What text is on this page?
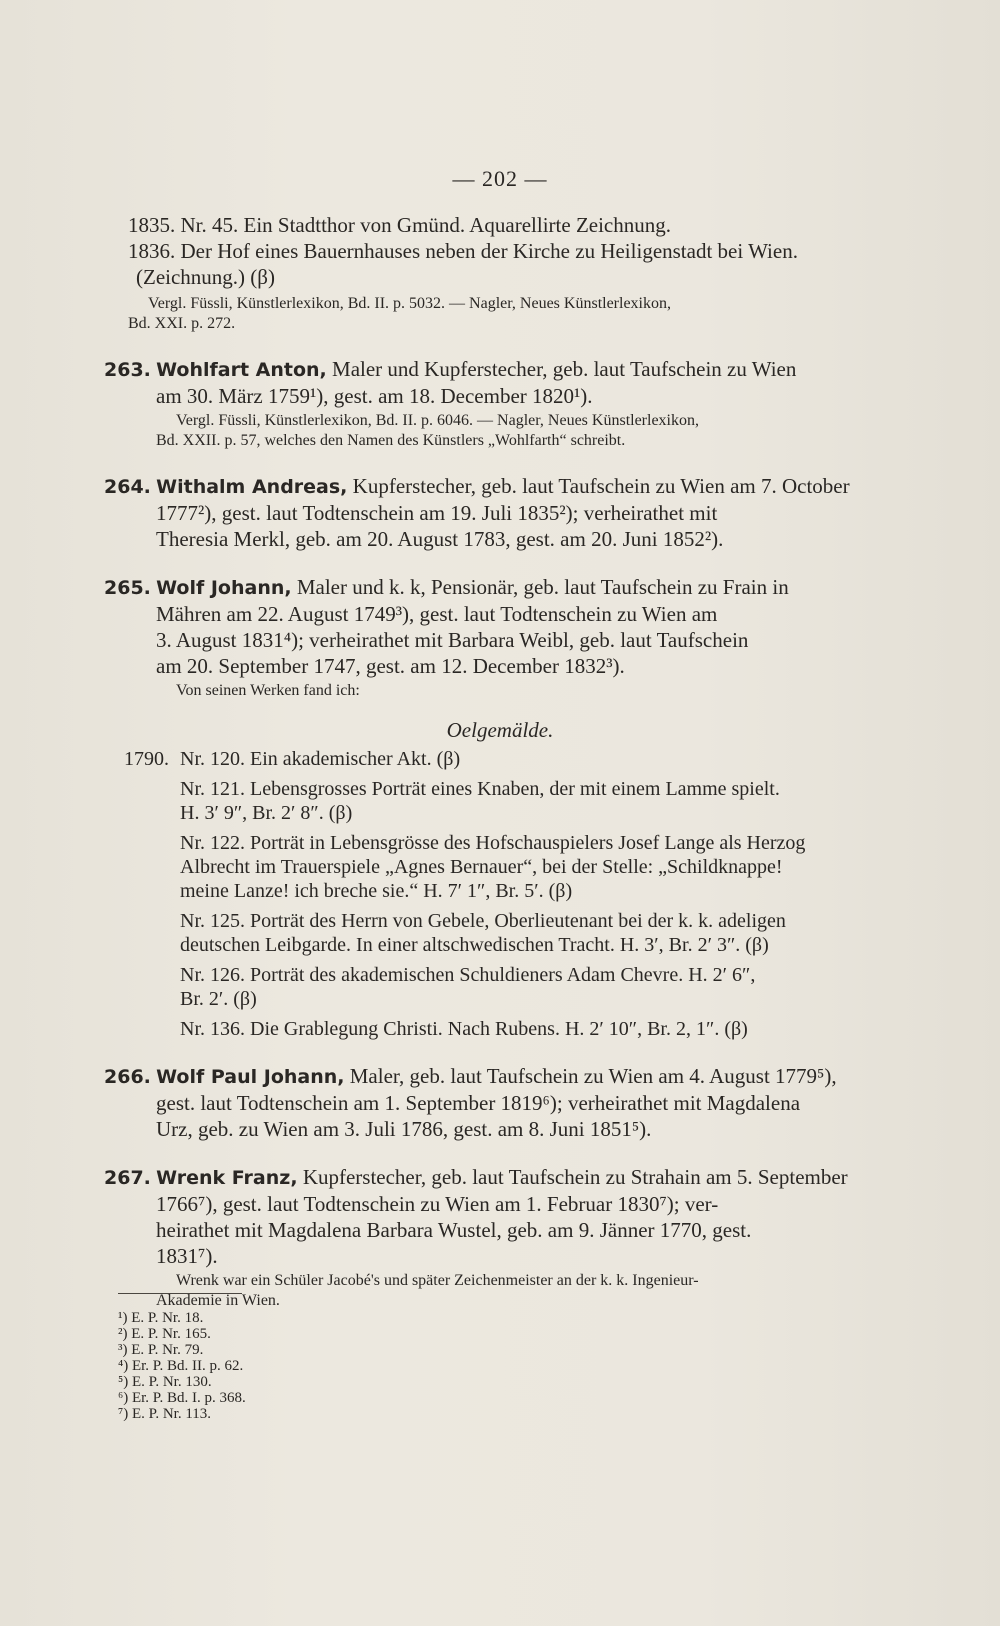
— 202 —

1835. Nr. 45. Ein Stadtthor von Gmünd. Aquarellirte Zeichnung.

1836. Der Hof eines Bauernhauses neben der Kirche zu Heiligenstadt bei Wien.

(Zeichnung.) (β)

Vergl. Füssli, Künstlerlexikon, Bd. II. p. 5032. — Nagler, Neues Künstlerlexikon,
Bd. XXI. p. 272.

263. Wohlfart Anton, Maler und Kupferstecher, geb. laut Taufschein zu Wien

am 30. März 1759¹), gest. am 18. December 1820¹).

Vergl. Füssli, Künstlerlexikon, Bd. II. p. 6046. — Nagler, Neues Künstlerlexikon,
Bd. XXII. p. 57, welches den Namen des Künstlers „Wohlfarth“ schreibt.

264. Withalm Andreas, Kupferstecher, geb. laut Taufschein zu Wien am 7. October

1777²), gest. laut Todtenschein am 19. Juli 1835²); verheirathet mit

Theresia Merkl, geb. am 20. August 1783, gest. am 20. Juni 1852²).

265. Wolf Johann, Maler und k. k, Pensionär, geb. laut Taufschein zu Frain in

Mähren am 22. August 1749³), gest. laut Todtenschein zu Wien am

3. August 1831⁴); verheirathet mit Barbara Weibl, geb. laut Taufschein

am 20. September 1747, gest. am 12. December 1832³).

Von seinen Werken fand ich:
Oelgemälde.

1790. Nr. 120. Ein akademischer Akt. (β)

Nr. 121. Lebensgrosses Porträt eines Knaben, der mit einem Lamme spielt.

H. 3′ 9″, Br. 2′ 8″. (β)

Nr. 122. Porträt in Lebensgrösse des Hofschauspielers Josef Lange als Herzog

Albrecht im Trauerspiele „Agnes Bernauer“, bei der Stelle: „Schildknappe!

meine Lanze! ich breche sie.“ H. 7′ 1″, Br. 5′. (β)

Nr. 125. Porträt des Herrn von Gebele, Oberlieutenant bei der k. k. adeligen

deutschen Leibgarde. In einer altschwedischen Tracht. H. 3′, Br. 2′ 3″. (β)

Nr. 126. Porträt des akademischen Schuldieners Adam Chevre. H. 2′ 6″,

Br. 2′. (β)

Nr. 136. Die Grablegung Christi. Nach Rubens. H. 2′ 10″, Br. 2, 1″. (β)

266. Wolf Paul Johann, Maler, geb. laut Taufschein zu Wien am 4. August 1779⁵),

gest. laut Todtenschein am 1. September 1819⁶); verheirathet mit Magdalena

Urz, geb. zu Wien am 3. Juli 1786, gest. am 8. Juni 1851⁵).

267. Wrenk Franz, Kupferstecher, geb. laut Taufschein zu Strahain am 5. September

1766⁷), gest. laut Todtenschein zu Wien am 1. Februar 1830⁷); ver-

heirathet mit Magdalena Barbara Wustel, geb. am 9. Jänner 1770, gest.

1831⁷).

Wrenk war ein Schüler Jacobé's und später Zeichenmeister an der k. k. Ingenieur-
Akademie in Wien.
¹) E. P. Nr. 18.
²) E. P. Nr. 165.
³) E. P. Nr. 79.
⁴) Er. P. Bd. II. p. 62.
⁵) E. P. Nr. 130.
⁶) Er. P. Bd. I. p. 368.
⁷) E. P. Nr. 113.
